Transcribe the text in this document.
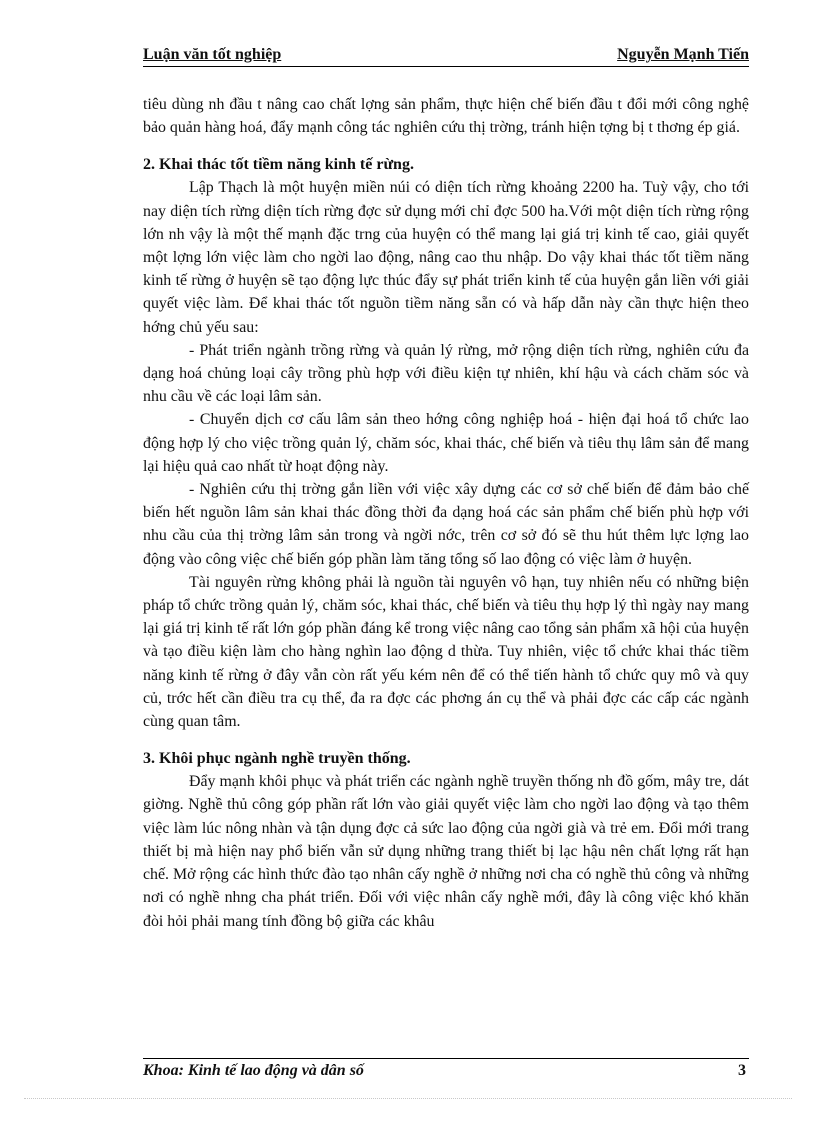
Luận văn tốt nghiệp	Nguyễn Mạnh Tiến

tiêu dùng nh đầu t nâng cao chất lợng sản phẩm, thực hiện chế biến đầu t đổi mới công nghệ bảo quản hàng hoá, đẩy mạnh công tác nghiên cứu thị trờng, tránh hiện tợng bị t thơng ép giá.

2. Khai thác tốt tiềm năng kinh tế rừng.

Lập Thạch là một huyện miền núi có diện tích rừng khoảng 2200 ha. Tuỳ vậy, cho tới nay diện tích rừng diện tích rừng đợc sử dụng mới chỉ đợc 500 ha.Với một diện tích rừng rộng lớn nh vậy là một thế mạnh đặc trng của huyện có thể mang lại giá trị kinh tế cao, giải quyết một lợng lớn việc làm cho ngời lao động, nâng cao thu nhập. Do vậy khai thác tốt tiềm năng kinh tế rừng ở huyện sẽ tạo động lực thúc đẩy sự phát triển kinh tế của huyện gắn liền với giải quyết việc làm. Để khai thác tốt nguồn tiềm năng sẵn có và hấp dẫn này cần thực hiện theo hớng chủ yếu sau:

- Phát triển ngành trồng rừng và quản lý rừng, mở rộng diện tích rừng, nghiên cứu đa dạng hoá chủng loại cây trồng phù hợp với điều kiện tự nhiên, khí hậu và cách chăm sóc và nhu cầu về các loại lâm sản.

- Chuyển dịch cơ cấu lâm sản theo hớng công nghiệp hoá - hiện đại hoá tổ chức lao động hợp lý cho việc trồng quản lý, chăm sóc, khai thác, chế biến và tiêu thụ lâm sản để mang lại hiệu quả cao nhất từ hoạt động này.

- Nghiên cứu thị trờng gắn liền với việc xây dựng các cơ sở chế biến để đảm bảo chế biến hết nguồn lâm sản khai thác đồng thời đa dạng hoá các sản phẩm chế biến phù hợp với nhu cầu của thị trờng lâm sản trong và ngời nớc, trên cơ sở đó sẽ thu hút thêm lực lợng lao động vào công việc chế biến góp phần làm tăng tổng số lao động có việc làm ở huyện.

Tài nguyên rừng không phải là nguồn tài nguyên vô hạn, tuy nhiên nếu có những biện pháp tổ chức trồng quản lý, chăm sóc, khai thác, chế biến và tiêu thụ hợp lý thì ngày nay mang lại giá trị kinh tế rất lớn góp phần đáng kể trong việc nâng cao tổng sản phẩm xã hội của huyện và tạo điều kiện làm cho hàng nghìn lao động d thừa. Tuy nhiên, việc tổ chức khai thác tiềm năng kinh tế rừng ở đây vẫn còn rất yếu kém nên để có thể tiến hành tổ chức quy mô và quy củ, trớc hết cần điều tra cụ thể, đa ra đợc các phơng án cụ thể và phải đợc các cấp các ngành cùng quan tâm.

3. Khôi phục ngành nghề truyền thống.

Đẩy mạnh khôi phục và phát triển các ngành nghề truyền thống nh đồ gốm, mây tre, dát giờng. Nghề thủ công góp phần rất lớn vào giải quyết việc làm cho ngời lao động và tạo thêm việc làm lúc nông nhàn và tận dụng đợc cả sức lao động của ngời già và trẻ em. Đổi mới trang thiết bị mà hiện nay phổ biến vẫn sử dụng những trang thiết bị lạc hậu nên chất lợng rất hạn chế. Mở rộng các hình thức đào tạo nhân cấy nghề ở những nơi cha có nghề thủ công và những nơi có nghề nhng cha phát triển. Đối với việc nhân cấy nghề mới, đây là công việc khó khăn đòi hỏi phải mang tính đồng bộ giữa các khâu

Khoa: Kinh tế lao động và dân số	3
